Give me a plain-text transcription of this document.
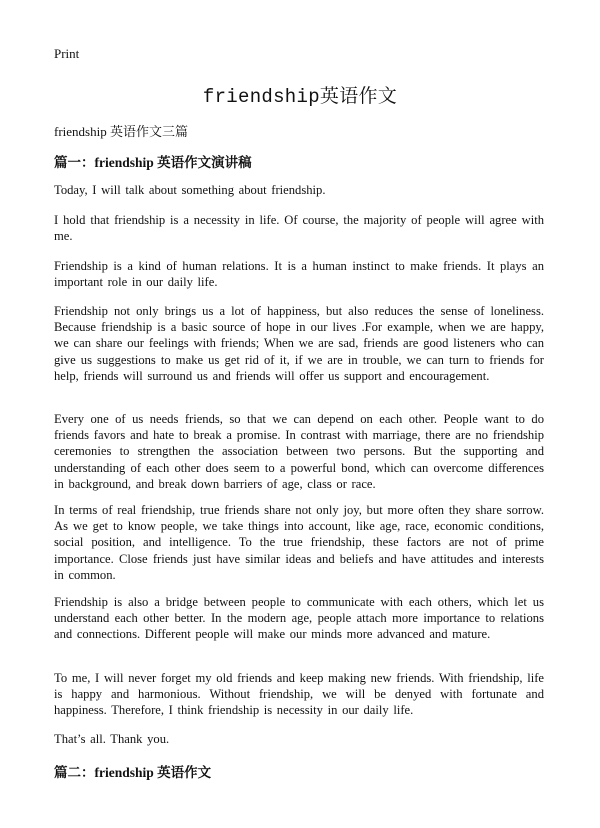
Print
friendship英语作文
friendship 英语作文三篇
篇一：friendship 英语作文演讲稿
Today, I will talk about something about friendship.
I hold that friendship is a necessity in life. Of course, the majority of people will agree with me.
Friendship is a kind of human relations. It is a human instinct to make friends. It plays an important role in our daily life.
Friendship not only brings us a lot of happiness, but also reduces the sense of loneliness. Because friendship is a basic source of hope in our lives .For example, when we are happy, we can share our feelings with friends; When we are sad, friends are good listeners who can give us suggestions to make us get rid of it, if we are in trouble, we can turn to friends for help, friends will surround us and friends will offer us support and encouragement.
Every one of us needs friends, so that we can depend on each other. People want to do friends favors and hate to break a promise. In contrast with marriage, there are no friendship ceremonies to strengthen the association between two persons. But the supporting and understanding of each other does seem to a powerful bond, which can overcome differences in background, and break down barriers of age, class or race.
In terms of real friendship, true friends share not only joy, but more often they share sorrow. As we get to know people, we take things into account, like age, race, economic conditions, social position, and intelligence. To the true friendship, these factors are not of prime importance. Close friends just have similar ideas and beliefs and have attitudes and interests in common.
Friendship is also a bridge between people to communicate with each others, which let us understand each other better. In the modern age, people attach more importance to relations and connections. Different people will make our minds more advanced and mature.
To me, I will never forget my old friends and keep making new friends. With friendship, life is happy and harmonious. Without friendship, we will be denyed with fortunate and happiness. Therefore, I think friendship is necessity in our daily life.
That’s all. Thank you.
篇二：friendship 英语作文
